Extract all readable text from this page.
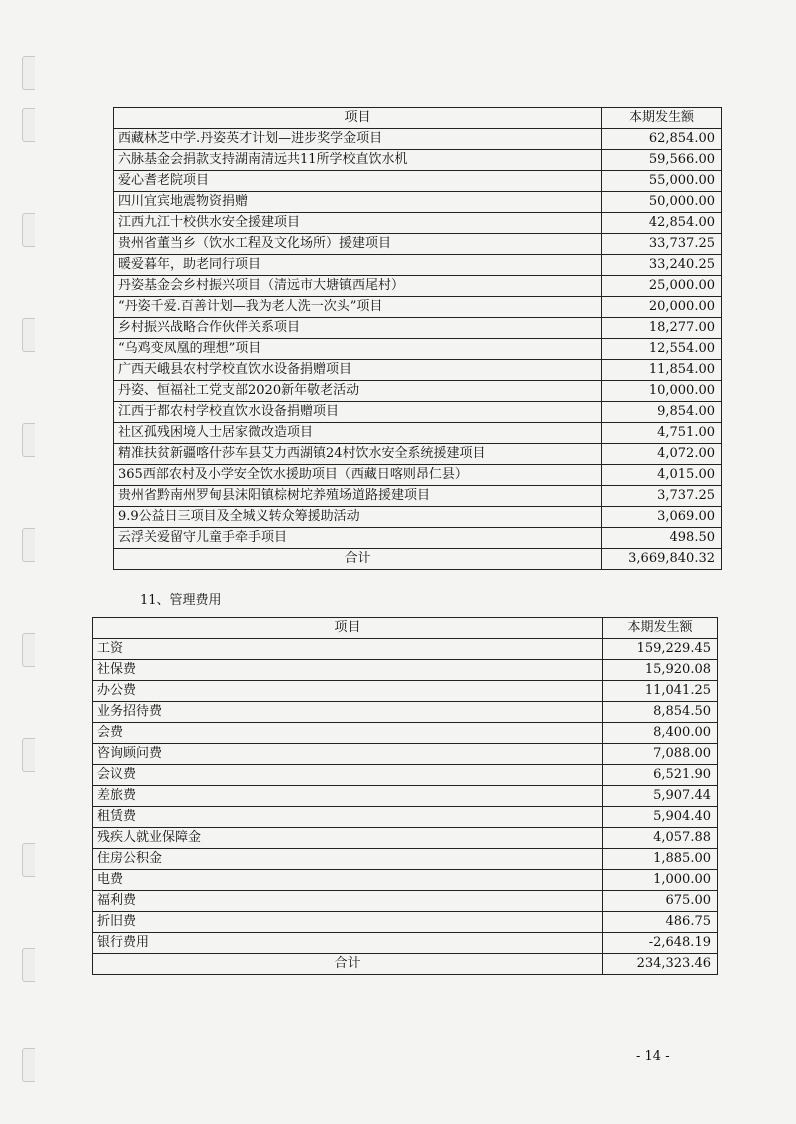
项目	本期发生额
西藏林芝中学.丹姿英才计划—进步奖学金项目	62,854.00
六脉基金会捐款支持湖南清远共11所学校直饮水机	59,566.00
爱心耆老院项目	55,000.00
四川宜宾地震物资捐赠	50,000.00
江西九江十校供水安全援建项目	42,854.00
贵州省董当乡（饮水工程及文化场所）援建项目	33,737.25
暖爱暮年，助老同行项目	33,240.25
丹姿基金会乡村振兴项目（清远市大塘镇西尾村）	25,000.00
“丹姿千爱.百善计划—我为老人洗一次头”项目	20,000.00
乡村振兴战略合作伙伴关系项目	18,277.00
“乌鸡变凤凰的理想”项目	12,554.00
广西天峨县农村学校直饮水设备捐赠项目	11,854.00
丹姿、恒福社工党支部2020新年敬老活动	10,000.00
江西于都农村学校直饮水设备捐赠项目	9,854.00
社区孤残困境人士居家微改造项目	4,751.00
精准扶贫新疆喀什莎车县艾力西湖镇24村饮水安全系统援建项目	4,072.00
365西部农村及小学安全饮水援助项目（西藏日喀则昂仁县）	4,015.00
贵州省黔南州罗甸县沫阳镇棕树坨养殖场道路援建项目	3,737.25
9.9公益日三项目及全城义转众筹援助活动	3,069.00
云浮关爱留守儿童手牵手项目	498.50
合计	3,669,840.32
11、管理费用
项目	本期发生额
工资	159,229.45
社保费	15,920.08
办公费	11,041.25
业务招待费	8,854.50
会费	8,400.00
咨询顾问费	7,088.00
会议费	6,521.90
差旅费	5,907.44
租赁费	5,904.40
残疾人就业保障金	4,057.88
住房公积金	1,885.00
电费	1,000.00
福利费	675.00
折旧费	486.75
银行费用	-2,648.19
合计	234,323.46
- 14 -
